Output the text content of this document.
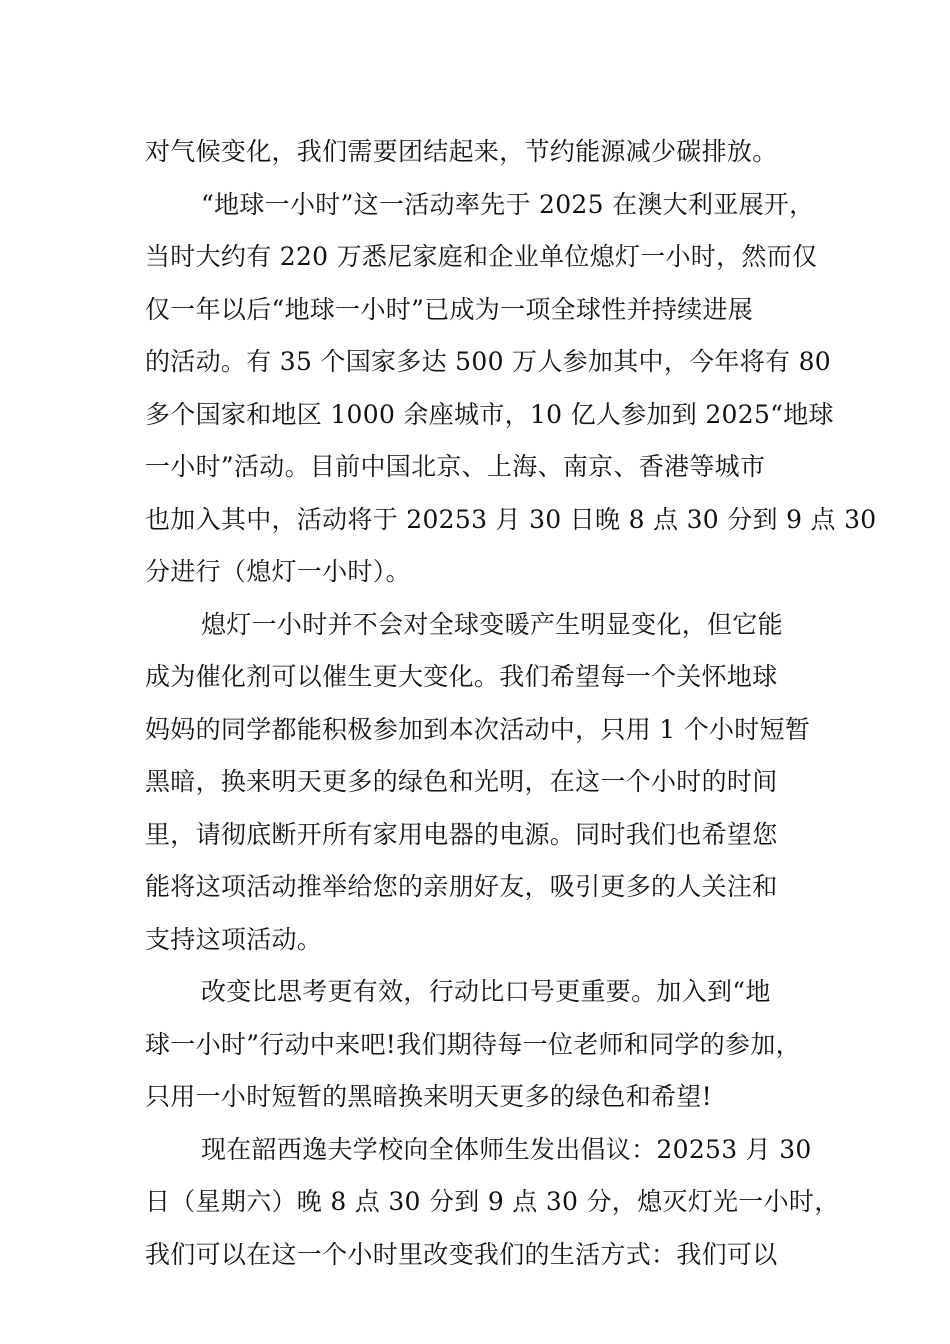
对气候变化，我们需要团结起来，节约能源减少碳排放。
“地球一小时”这一活动率先于 2025 在澳大利亚展开，
当时大约有 220 万悉尼家庭和企业单位熄灯一小时，然而仅
仅一年以后“地球一小时”已成为一项全球性并持续进展
的活动。有 35 个国家多达 500 万人参加其中，今年将有 80
多个国家和地区 1000 余座城市，10 亿人参加到 2025“地球
一小时”活动。目前中国北京、上海、南京、香港等城市
也加入其中，活动将于 20253 月 30 日晚 8 点 30 分到 9 点 30
分进行（熄灯一小时）。
熄灯一小时并不会对全球变暖产生明显变化，但它能
成为催化剂可以催生更大变化。我们希望每一个关怀地球
妈妈的同学都能积极参加到本次活动中，只用 1 个小时短暂
黑暗，换来明天更多的绿色和光明，在这一个小时的时间
里，请彻底断开所有家用电器的电源。同时我们也希望您
能将这项活动推举给您的亲朋好友，吸引更多的人关注和
支持这项活动。
改变比思考更有效，行动比口号更重要。加入到“地
球一小时”行动中来吧!我们期待每一位老师和同学的参加，
只用一小时短暂的黑暗换来明天更多的绿色和希望!
现在韶西逸夫学校向全体师生发出倡议：20253 月 30
日（星期六）晚 8 点 30 分到 9 点 30 分，熄灭灯光一小时，
我们可以在这一个小时里改变我们的生活方式：我们可以
